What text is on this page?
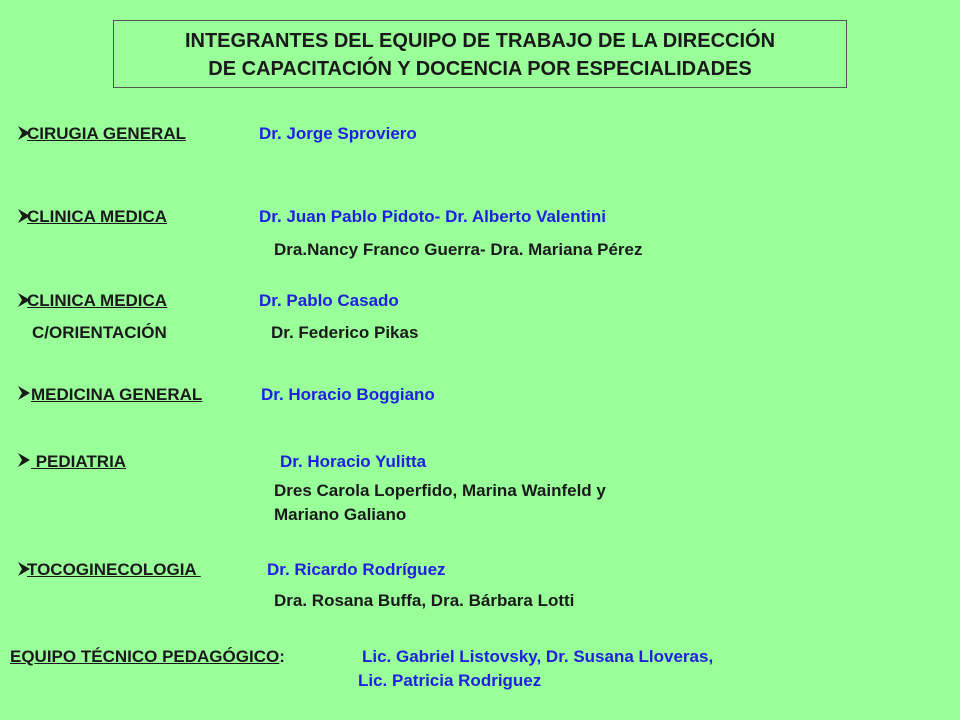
INTEGRANTES DEL EQUIPO DE TRABAJO DE LA DIRECCIÓN
DE CAPACITACIÓN Y DOCENCIA POR ESPECIALIDADES
CIRUGIA GENERAL	Dr. Jorge Sproviero
CLINICA MEDICA	Dr. Juan Pablo Pidoto- Dr. Alberto Valentini
Dra.Nancy Franco Guerra- Dra. Mariana Pérez
CLINICA MEDICA	Dr. Pablo Casado
C/ORIENTACIÓN	Dr. Federico Pikas
MEDICINA GENERAL	Dr. Horacio Boggiano
PEDIATRIA	Dr. Horacio Yulitta
Dres Carola Loperfido, Marina Wainfeld y
Mariano Galiano
TOCOGINECOLOGIA	Dr. Ricardo Rodríguez
Dra. Rosana Buffa, Dra. Bárbara Lotti
EQUIPO TÉCNICO PEDAGÓGICO:	Lic. Gabriel Listovsky, Dr. Susana Lloveras,
Lic. Patricia Rodriguez
